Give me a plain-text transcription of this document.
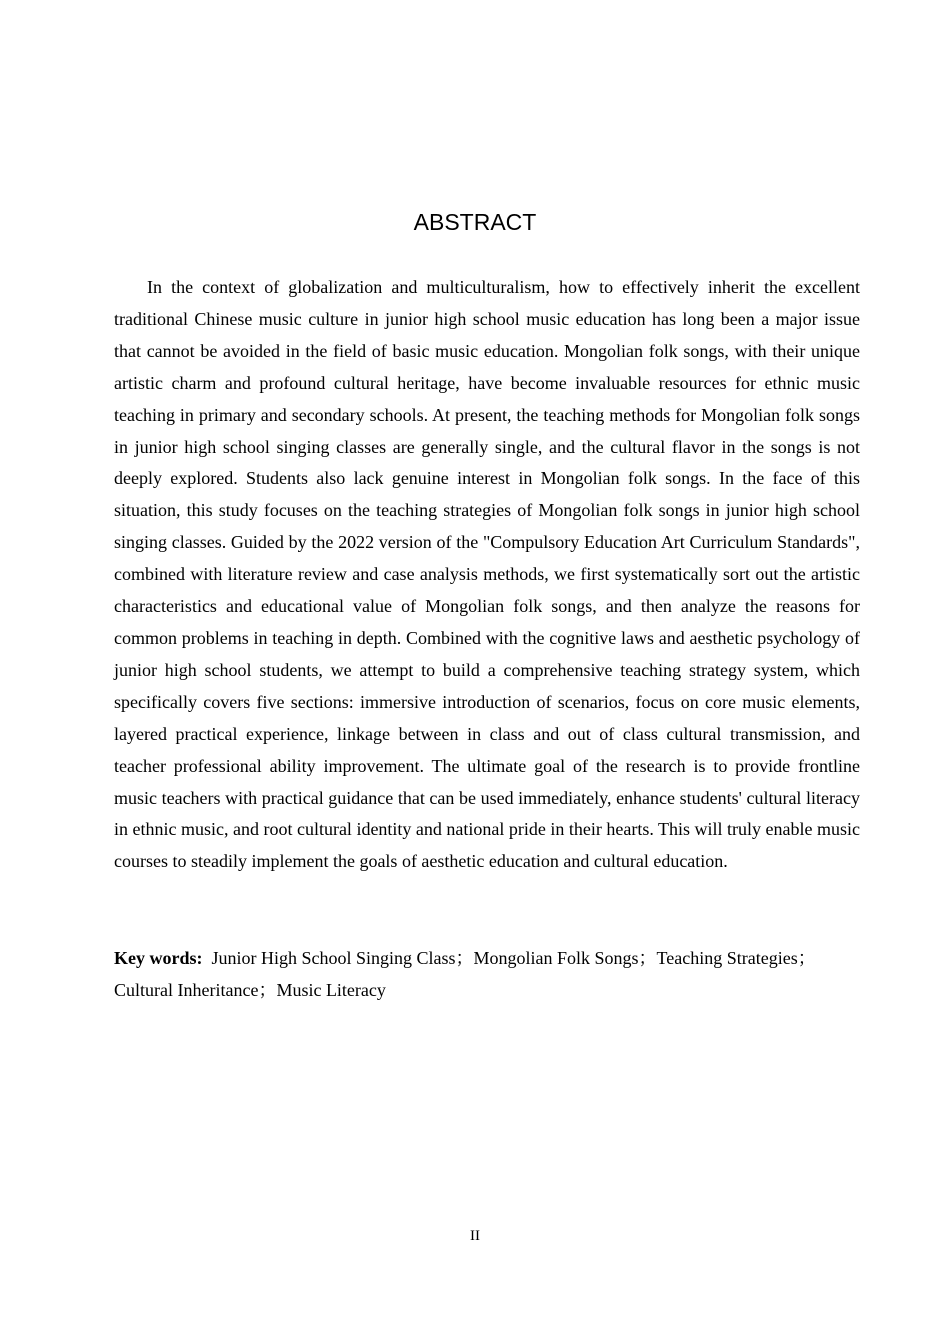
ABSTRACT

In the context of globalization and multiculturalism, how to effectively inherit the excellent traditional Chinese music culture in junior high school music education has long been a major issue that cannot be avoided in the field of basic music education. Mongolian folk songs, with their unique artistic charm and profound cultural heritage, have become invaluable resources for ethnic music teaching in primary and secondary schools. At present, the teaching methods for Mongolian folk songs in junior high school singing classes are generally single, and the cultural flavor in the songs is not deeply explored. Students also lack genuine interest in Mongolian folk songs. In the face of this situation, this study focuses on the teaching strategies of Mongolian folk songs in junior high school singing classes. Guided by the 2022 version of the "Compulsory Education Art Curriculum Standards", combined with literature review and case analysis methods, we first systematically sort out the artistic characteristics and educational value of Mongolian folk songs, and then analyze the reasons for common problems in teaching in depth. Combined with the cognitive laws and aesthetic psychology of junior high school students, we attempt to build a comprehensive teaching strategy system, which specifically covers five sections: immersive introduction of scenarios, focus on core music elements, layered practical experience, linkage between in class and out of class cultural transmission, and teacher professional ability improvement. The ultimate goal of the research is to provide frontline music teachers with practical guidance that can be used immediately, enhance students' cultural literacy in ethnic music, and root cultural identity and national pride in their hearts. This will truly enable music courses to steadily implement the goals of aesthetic education and cultural education.

Key words: Junior High School Singing Class；Mongolian Folk Songs；Teaching Strategies；Cultural Inheritance；Music Literacy

II
